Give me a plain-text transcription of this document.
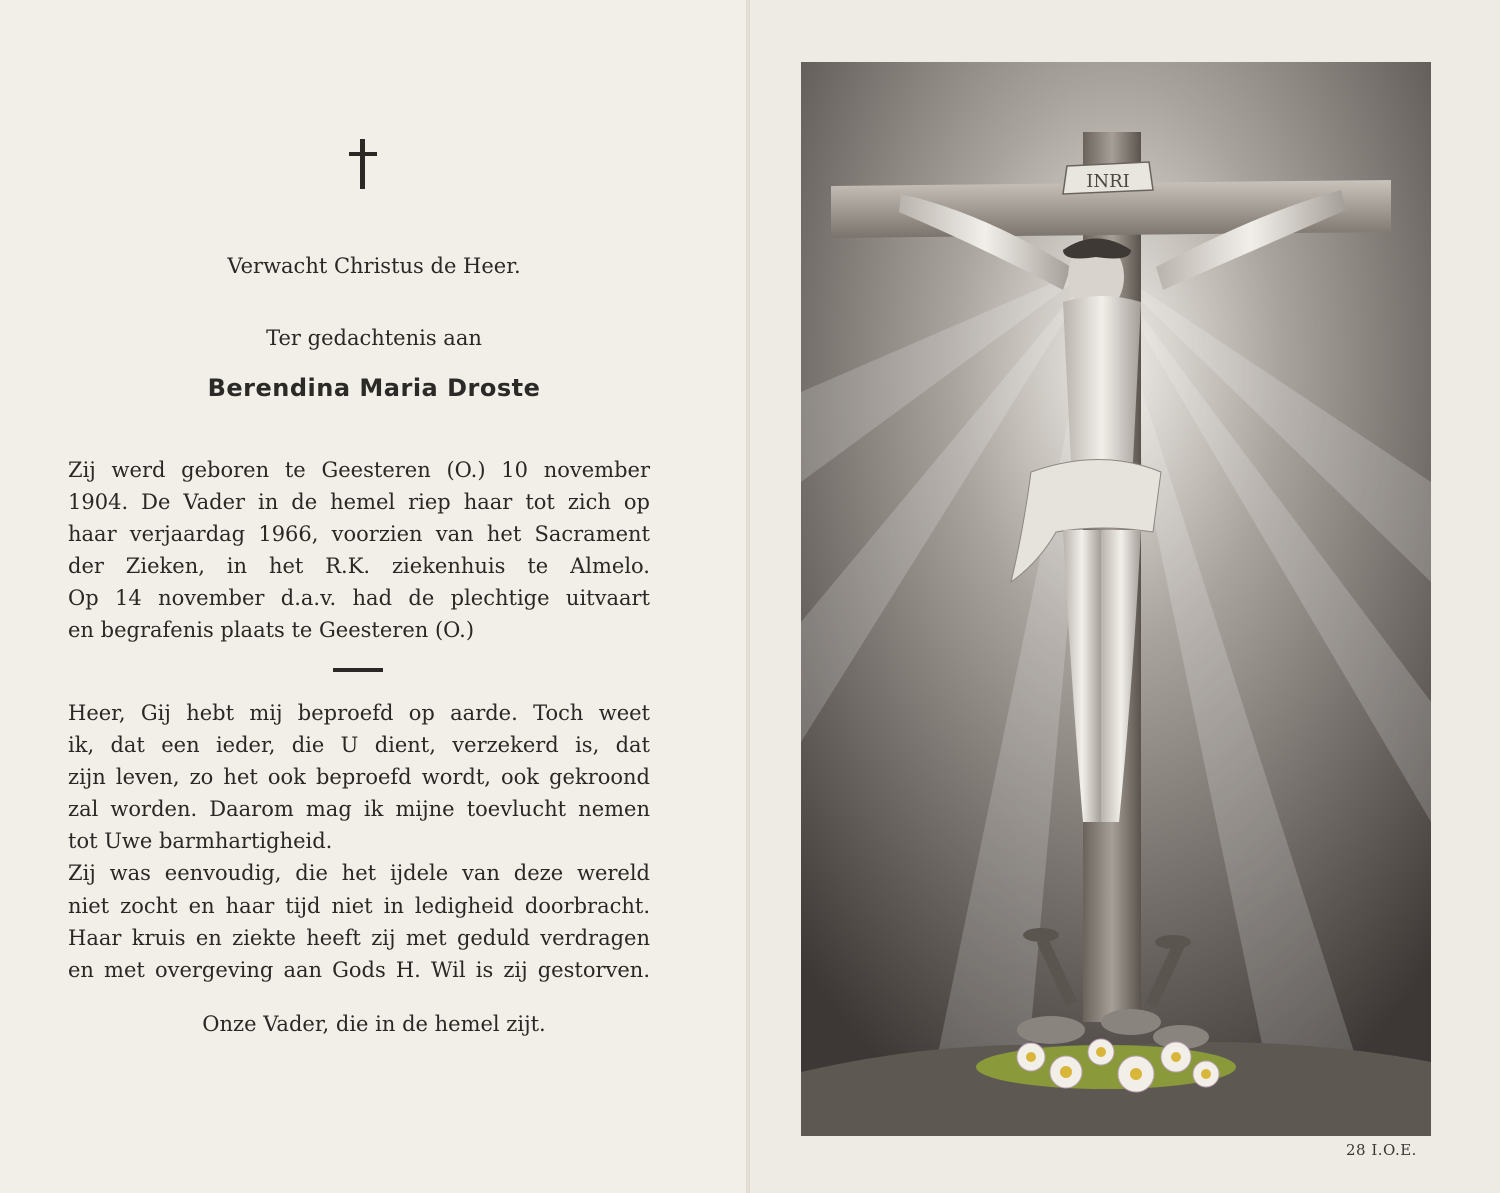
Verwacht Christus de Heer.
Ter gedachtenis aan
Berendina Maria Droste
Zij werd geboren te Geesteren (O.) 10 november
1904. De Vader in de hemel riep haar tot zich op
haar verjaardag 1966, voorzien van het Sacrament
der Zieken, in het R.K. ziekenhuis te Almelo.
Op 14 november d.a.v. had de plechtige uitvaart
en begrafenis plaats te Geesteren (O.)
Heer, Gij hebt mij beproefd op aarde. Toch weet
ik, dat een ieder, die U dient, verzekerd is, dat
zijn leven, zo het ook beproefd wordt, ook gekroond
zal worden. Daarom mag ik mijne toevlucht nemen
tot Uwe barmhartigheid.
Zij was eenvoudig, die het ijdele van deze wereld
niet zocht en haar tijd niet in ledigheid doorbracht.
Haar kruis en ziekte heeft zij met geduld verdragen
en met overgeving aan Gods H. Wil is zij gestorven.
Onze Vader, die in de hemel zijt.
INRI
28 I.O.E.
